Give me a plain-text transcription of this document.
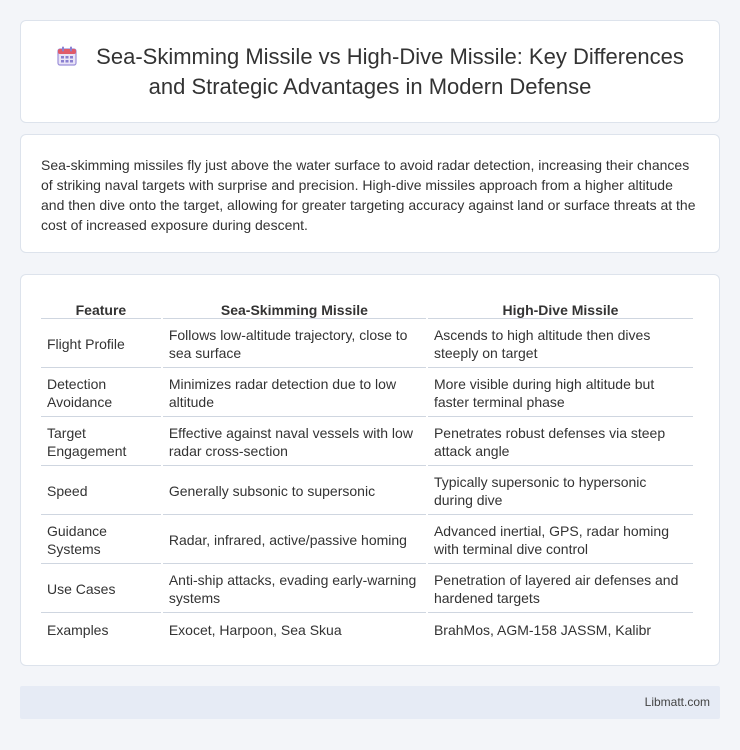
Sea-Skimming Missile vs High-Dive Missile: Key Differences and Strategic Advantages in Modern Defense

Sea-skimming missiles fly just above the water surface to avoid radar detection, increasing their chances of striking naval targets with surprise and precision. High-dive missiles approach from a higher altitude and then dive onto the target, allowing for greater targeting accuracy against land or surface threats at the cost of increased exposure during descent.

Feature	Sea-Skimming Missile	High-Dive Missile
Flight Profile	Follows low-altitude trajectory, close to sea surface	Ascends to high altitude then dives steeply on target
Detection Avoidance	Minimizes radar detection due to low altitude	More visible during high altitude but faster terminal phase
Target Engagement	Effective against naval vessels with low radar cross-section	Penetrates robust defenses via steep attack angle
Speed	Generally subsonic to supersonic	Typically supersonic to hypersonic during dive
Guidance Systems	Radar, infrared, active/passive homing	Advanced inertial, GPS, radar homing with terminal dive control
Use Cases	Anti-ship attacks, evading early-warning systems	Penetration of layered air defenses and hardened targets
Examples	Exocet, Harpoon, Sea Skua	BrahMos, AGM-158 JASSM, Kalibr
Libmatt.com
